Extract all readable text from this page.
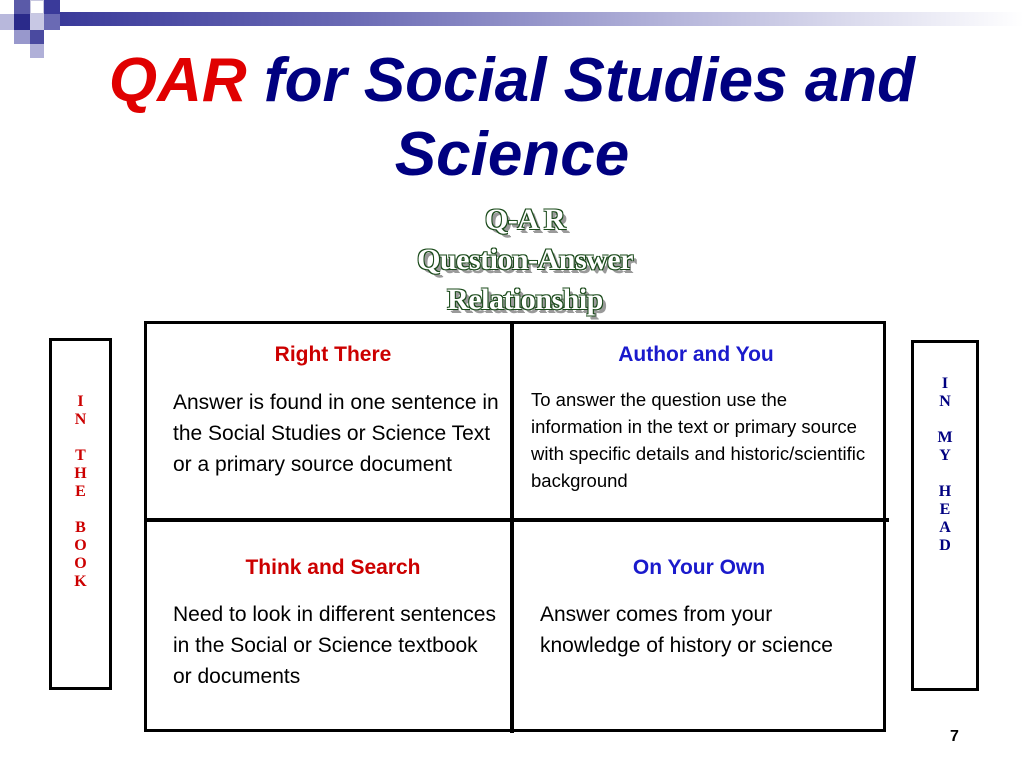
QAR for Social Studies and Science
Q-A R
Question-Answer
Relationship
I
N
T
H
E
B
O
O
K
I
N
M
Y
H
E
A
D
Right There
Answer is found in one sentence in the Social Studies or Science Text or a primary source document
Author and You
To answer the question use the information in the text or primary source with specific details and historic/scientific background
Think and Search
Need to look in different sentences in the Social or Science textbook or documents
On Your Own
Answer comes from your knowledge of history or science
7
